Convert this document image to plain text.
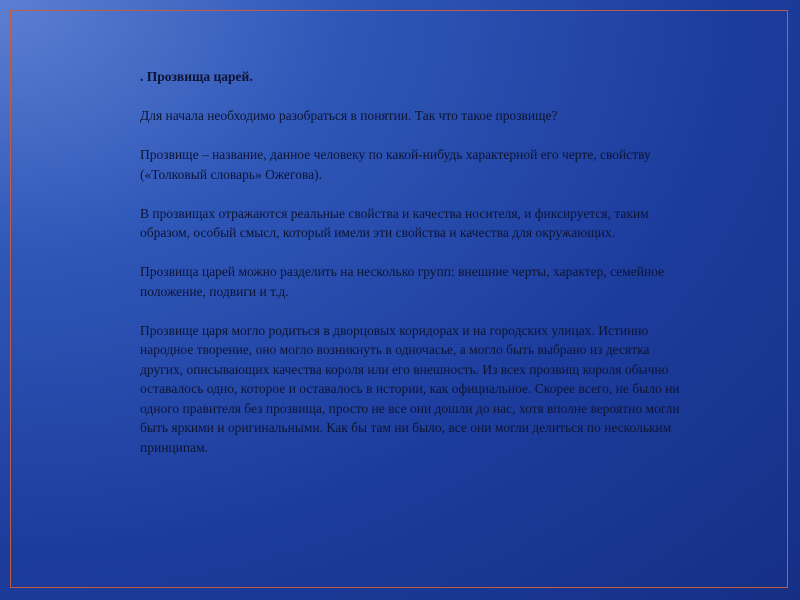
. Прозвища царей.

Для начала необходимо разобраться в понятии. Так что такое прозвище?

Прозвище – название, данное человеку по какой-нибудь характерной его черте, свойству («Толковый словарь» Ожегова).

В прозвищах отражаются реальные свойства и качества носителя, и фиксируется, таким образом, особый смысл, который имели эти свойства и качества для окружающих.

Прозвища царей можно разделить на несколько групп: внешние черты, характер, семейное положение, подвиги и т.д.

Прозвище царя могло родиться в дворцовых коридорах и на городских улицах. Истинно народное творение, оно могло возникнуть в одночасье, а могло быть выбрано из десятка других, описывающих качества короля или его внешность. Из всех прозвищ короля обычно оставалось одно, которое и оставалось в истории, как официальное. Скорее всего, не было ни одного правителя без прозвища, просто не все они дошли до нас, хотя вполне вероятно могли быть яркими и оригинальными. Как бы там ни было, все они могли делиться по нескольким принципам.
